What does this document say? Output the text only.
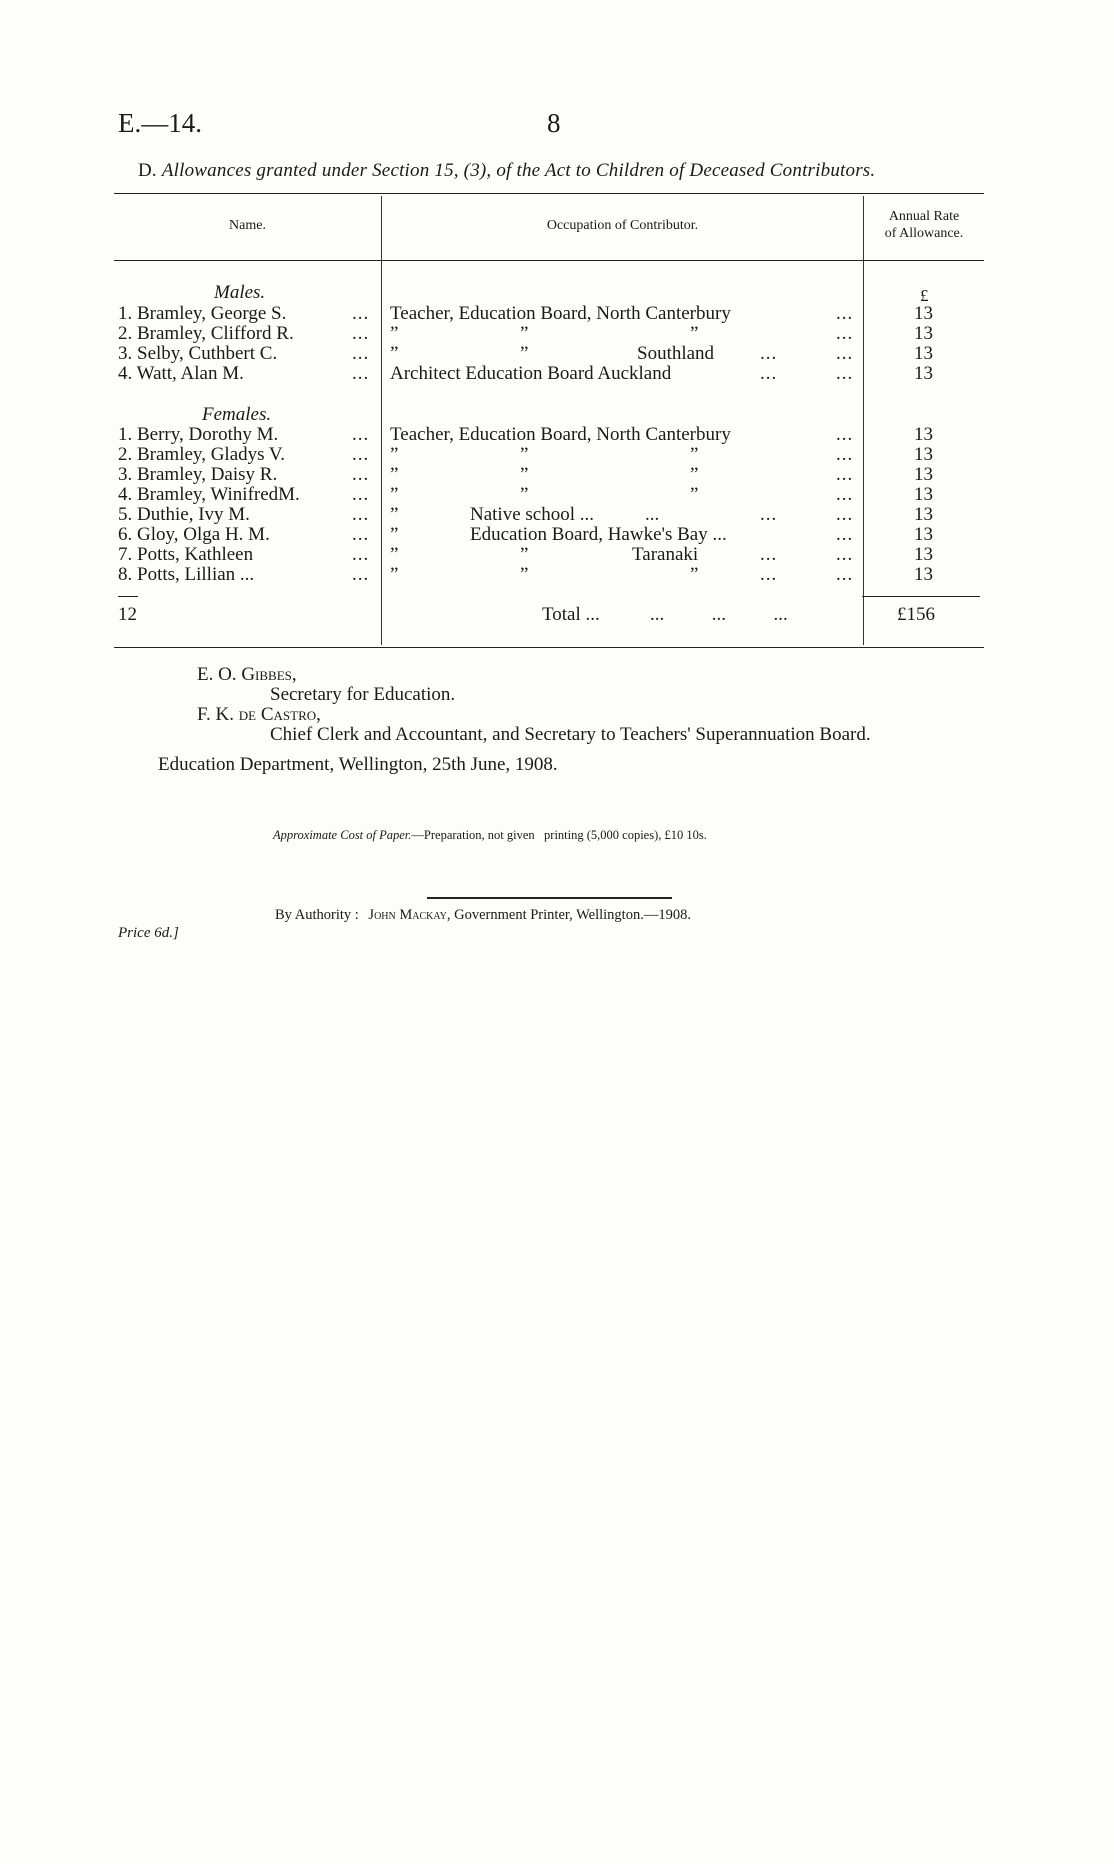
E.—14.	8
D. Allowances granted under Section 15, (3), of the Act to Children of Deceased Contributors.
Name.	Occupation of Contributor.
Annual Rate
of Allowance.
Males.	£
1. Bramley, George S.	... Teacher, Education Board, North Canterbury	...	13
2. Bramley, Clifford R.	... ”	”	”	...	13
3. Selby, Cuthbert C.	... ”	”	Southland ...	...	13
4. Watt, Alan M.	... Architect Education Board Auckland	...	...	13
Females.
1. Berry, Dorothy M.	... Teacher, Education Board, North Canterbury	...	13
2. Bramley, Gladys V.	... ”	”	”	...	13
3. Bramley, Daisy R.	... ”	”	”	...	13
4. Bramley, WinifredM.	... ”	”	”	...	13
5. Duthie, Ivy M.	... ”	Native school ...	...	...	...	13
6. Gloy, Olga H. M.	... ”	Education Board, Hawke's Bay ...	...	13
7. Potts, Kathleen	... ”	”	Taranaki	...	...	13
8. Potts, Lillian ...	... ”	”	”	...	...	13
12	Total ...	...          ...          ...	£156
E. O. Gibbes,
Secretary for Education.
F. K. de Castro,
Chief Clerk and Accountant, and Secretary to Teachers' Superannuation Board.
Education Department, Wellington, 25th June, 1908.
Approximate Cost of Paper.—Preparation, not given   printing (5,000 copies), £10 10s.
By Authority : John Mackay, Government Printer, Wellington.—1908.
Price 6d.]
